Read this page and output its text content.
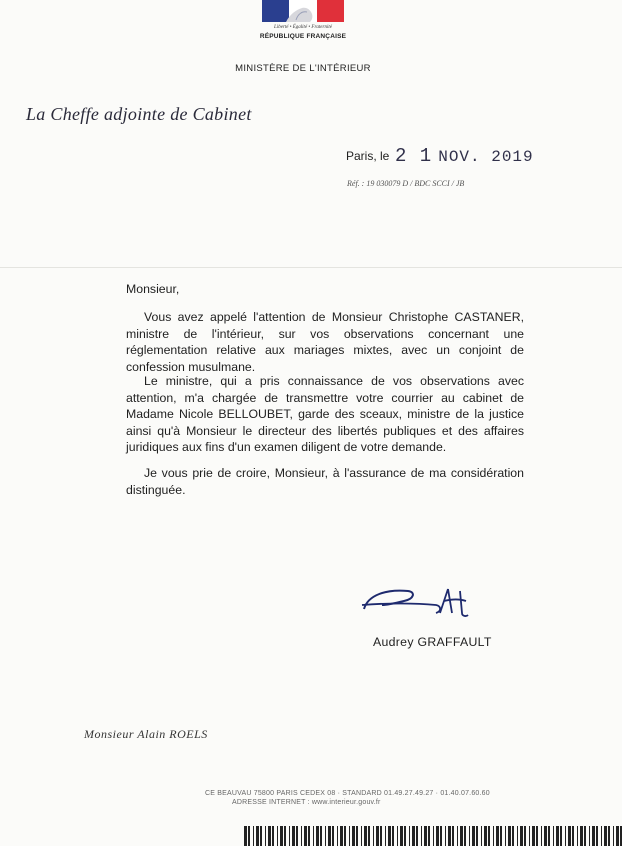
Liberté • Égalité • Fraternité
RÉPUBLIQUE FRANÇAISE
MINISTÈRE DE L'INTÉRIEUR
La Cheffe adjointe de Cabinet
Paris, le 2 1 NOV. 2019
Réf. : 19 030079 D / BDC SCCI / JB
Monsieur,

Vous avez appelé l'attention de Monsieur Christophe CASTANER, ministre de l'intérieur, sur vos observations concernant une réglementation relative aux mariages mixtes, avec un conjoint de confession musulmane.

Le ministre, qui a pris connaissance de vos observations avec attention, m'a chargée de transmettre votre courrier au cabinet de Madame Nicole BELLOUBET, garde des sceaux, ministre de la justice ainsi qu'à Monsieur le directeur des libertés publiques et des affaires juridiques aux fins d'un examen diligent de votre demande.

Je vous prie de croire, Monsieur, à l'assurance de ma considération distinguée.

Audrey GRAFFAULT
Monsieur Alain ROELS
CE BEAUVAU 75800 PARIS CEDEX 08 · STANDARD 01.49.27.49.27 · 01.40.07.60.60
ADRESSE INTERNET : www.interieur.gouv.fr
